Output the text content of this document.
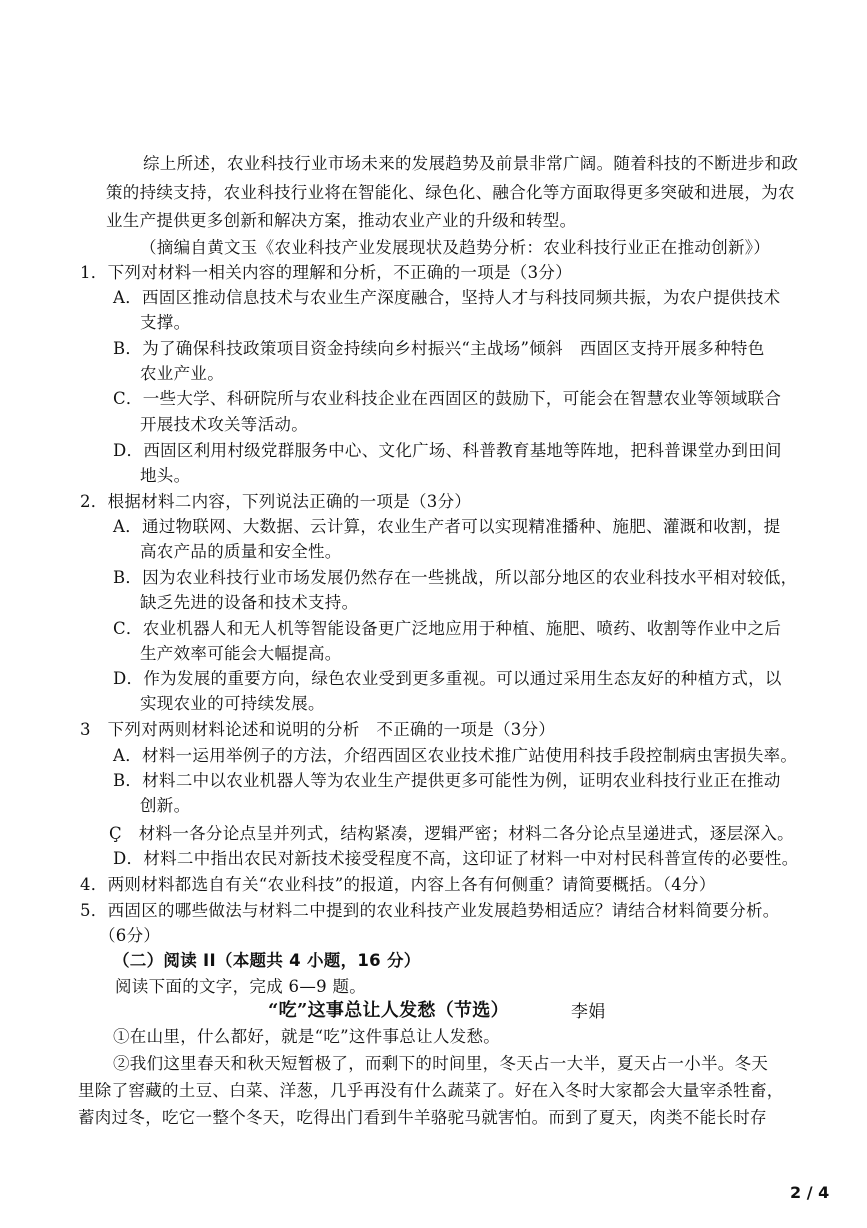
综上所述，农业科技行业市场未来的发展趋势及前景非常广阔。随着科技的不断进步和政
策的持续支持，农业科技行业将在智能化、绿色化、融合化等方面取得更多突破和进展，为农
业生产提供更多创新和解决方案，推动农业产业的升级和转型。
（摘编自黄文玉《农业科技产业发展现状及趋势分析：农业科技行业正在推动创新》）
1．下列对材料一相关内容的理解和分析，不正确的一项是（3分）
A．西固区推动信息技术与农业生产深度融合，坚持人才与科技同频共振，为农户提供技术
支撑。
B．为了确保科技政策项目资金持续向乡村振兴“主战场”倾斜　西固区支持开展多种特色
农业产业。
C．一些大学、科研院所与农业科技企业在西固区的鼓励下，可能会在智慧农业等领域联合
开展技术攻关等活动。
D．西固区利用村级党群服务中心、文化广场、科普教育基地等阵地，把科普课堂办到田间
地头。
2．根据材料二内容，下列说法正确的一项是（3分）
A．通过物联网、大数据、云计算，农业生产者可以实现精准播种、施肥、灌溉和收割，提
高农产品的质量和安全性。
B．因为农业科技行业市场发展仍然存在一些挑战，所以部分地区的农业科技水平相对较低，
缺乏先进的设备和技术支持。
C．农业机器人和无人机等智能设备更广泛地应用于种植、施肥、喷药、收割等作业中之后
生产效率可能会大幅提高。
D．作为发展的重要方向，绿色农业受到更多重视。可以通过采用生态友好的种植方式，以
实现农业的可持续发展。
3　下列对两则材料论述和说明的分析　不正确的一项是（3分）
A．材料一运用举例子的方法，介绍西固区农业技术推广站使用科技手段控制病虫害损失率。
B．材料二中以农业机器人等为农业生产提供更多可能性为例，证明农业科技行业正在推动
创新。
Ç　材料一各分论点呈并列式，结构紧凑，逻辑严密；材料二各分论点呈递进式，逐层深入。
D．材料二中指出农民对新技术接受程度不高，这印证了材料一中对村民科普宣传的必要性。
4．两则材料都选自有关“农业科技”的报道，内容上各有何侧重？请简要概括。（4分）
5．西固区的哪些做法与材料二中提到的农业科技产业发展趋势相适应？请结合材料简要分析。
（6分）
（二）阅读 II（本题共 4 小题，16 分）
阅读下面的文字，完成 6—9 题。
“吃”这事总让人发愁（节选）	李娟
①在山里，什么都好，就是“吃”这件事总让人发愁。
②我们这里春天和秋天短暂极了，而剩下的时间里，冬天占一大半，夏天占一小半。冬天
里除了窖藏的土豆、白菜、洋葱，几乎再没有什么蔬菜了。好在入冬时大家都会大量宰杀牲畜，
蓄肉过冬，吃它一整个冬天，吃得出门看到牛羊骆驼马就害怕。而到了夏天，肉类不能长时存
2 / 4
